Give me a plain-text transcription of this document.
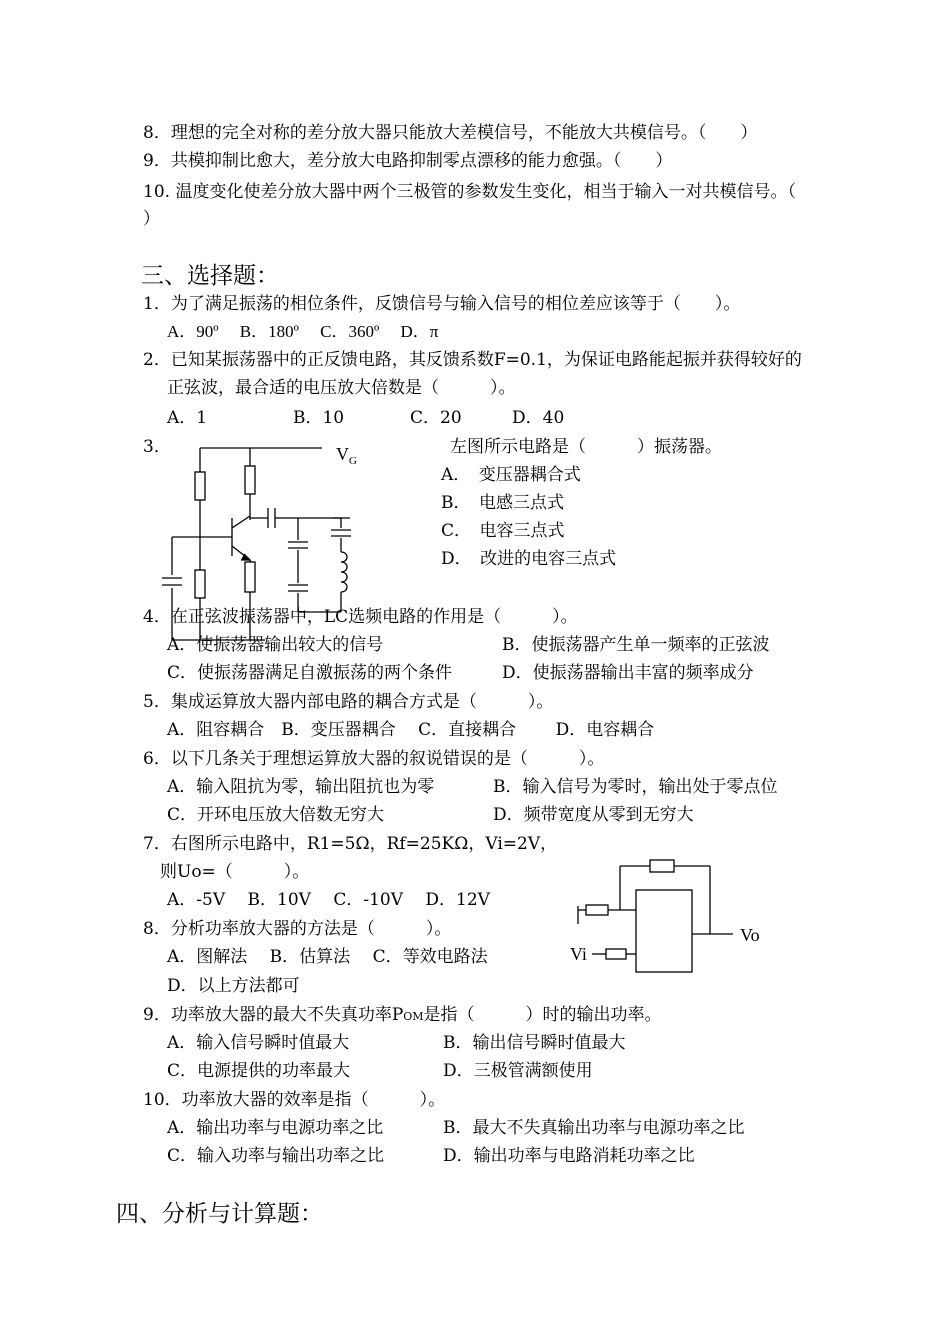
8．理想的完全对称的差分放大器只能放大差模信号，不能放大共模信号。（　　）
9．共模抑制比愈大，差分放大电路抑制零点漂移的能力愈强。（　　）
10. 温度变化使差分放大器中两个三极管的参数发生变化，相当于输入一对共模信号。（
）
三、选择题：
1．为了满足振荡的相位条件，反馈信号与输入信号的相位差应该等于（　　）。
A．90º　 B．180º　 C．360º　 D．π
2．已知某振荡器中的正反馈电路，其反馈系数F=0.1，为保证电路能起振并获得较好的
正弦波，最合适的电压放大倍数是（　　　）。
A．1	B．10	C．20	D．40
3．	左图所示电路是（　　　）振荡器。
A．　变压器耦合式
B．　电感三点式
C．　电容三点式
D．　改进的电容三点式
$V_G$
4．在正弦波振荡器中，LC选频电路的作用是（　　　）。
A．使振荡器输出较大的信号	B．使振荡器产生单一频率的正弦波
C．使振荡器满足自激振荡的两个条件	D．使振荡器输出丰富的频率成分
5．集成运算放大器内部电路的耦合方式是（　　　）。
A．阻容耦合　B．变压器耦合　 C．直接耦合　　 D．电容耦合
6．以下几条关于理想运算放大器的叙说错误的是（　　　）。
A．输入阻抗为零，输出阻抗也为零	B．输入信号为零时，输出处于零点位
C．开环电压放大倍数无穷大	D．频带宽度从零到无穷大
7．右图所示电路中，R1=5Ω，Rf=25KΩ，Vi=2V，
则Uo=（　　　）。
A．-5V　 B．10V　 C．-10V　 D．12V
Vo
Vi
8．分析功率放大器的方法是（　　　）。
A．图解法　 B．估算法　 C．等效电路法
D．以上方法都可
9．功率放大器的最大不失真功率POM是指（　　　）时的输出功率。
A．输入信号瞬时值最大	B．输出信号瞬时值最大
C．电源提供的功率最大	D．三极管满额使用
10．功率放大器的效率是指（　　　）。
A．输出功率与电源功率之比	B．最大不失真输出功率与电源功率之比
C．输入功率与输出功率之比	D．输出功率与电路消耗功率之比
四、分析与计算题：
